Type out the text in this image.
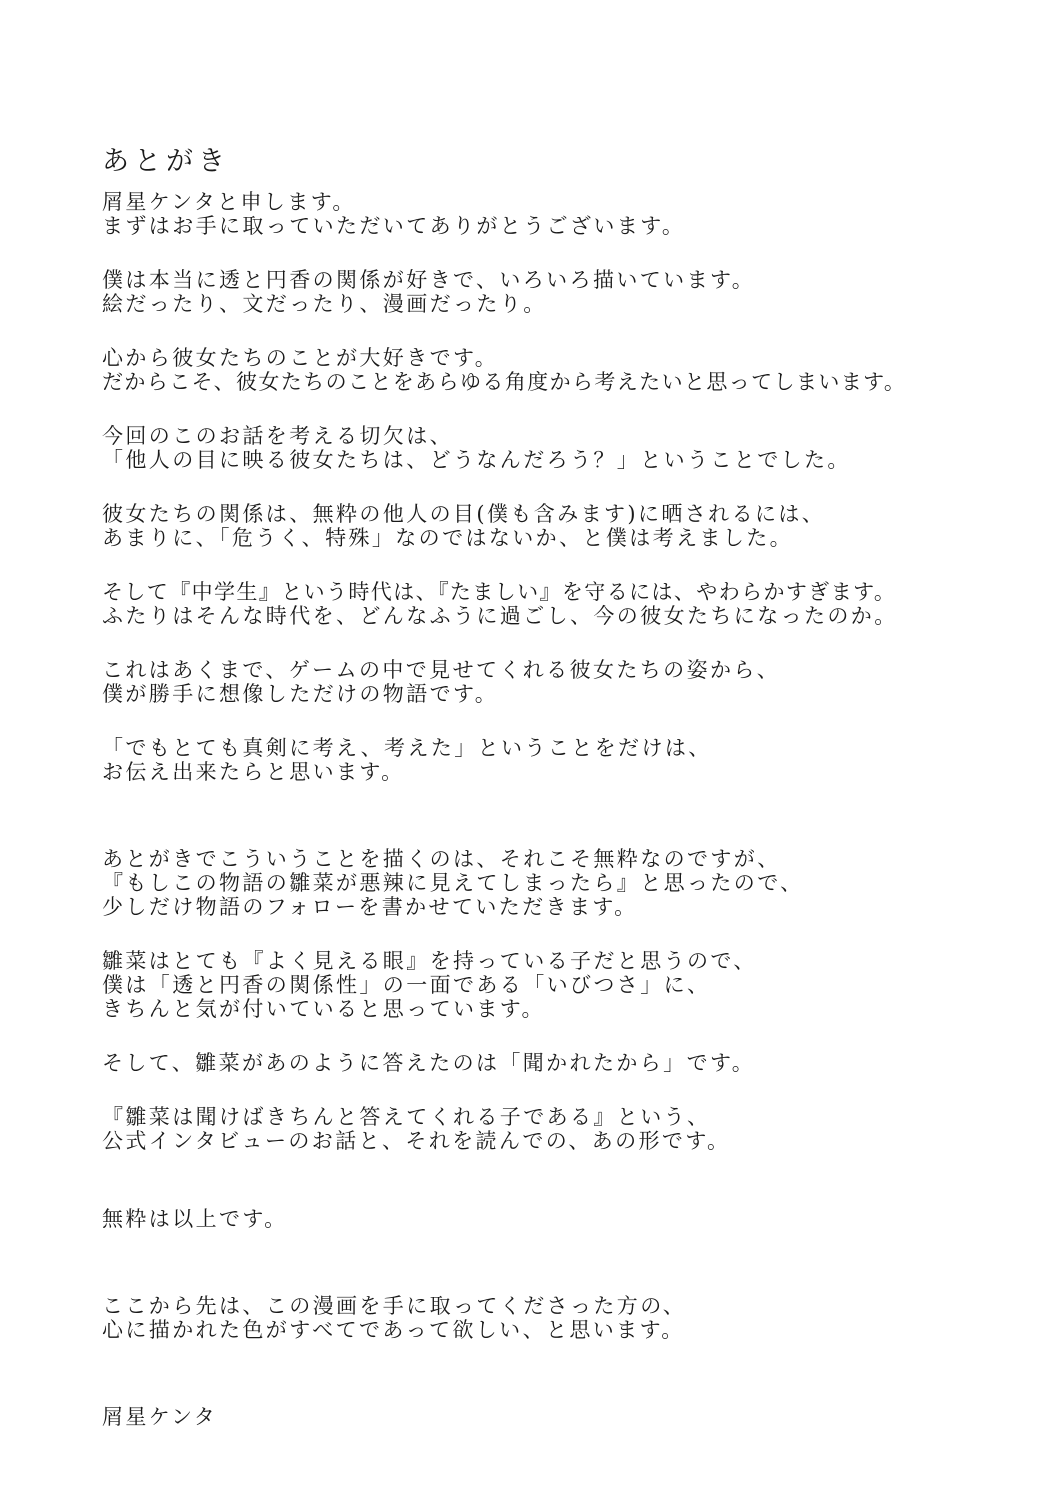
あとがき
屑星ケンタと申します。
まずはお手に取っていただいてありがとうございます。
僕は本当に透と円香の関係が好きで、いろいろ描いています。
絵だったり、文だったり、漫画だったり。
心から彼女たちのことが大好きです。
だからこそ、彼女たちのことをあらゆる角度から考えたいと思ってしまいます。
今回のこのお話を考える切欠は、
「他人の目に映る彼女たちは、どうなんだろう？」ということでした。
彼女たちの関係は、無粋の他人の目(僕も含みます)に晒されるには、
あまりに、「危うく、特殊」なのではないか、と僕は考えました。
そして『中学生』という時代は、『たましい』を守るには、やわらかすぎます。
ふたりはそんな時代を、どんなふうに過ごし、今の彼女たちになったのか。
これはあくまで、ゲームの中で見せてくれる彼女たちの姿から、
僕が勝手に想像しただけの物語です。
「でもとても真剣に考え、考えた」ということをだけは、
お伝え出来たらと思います。
あとがきでこういうことを描くのは、それこそ無粋なのですが、
『もしこの物語の雛菜が悪辣に見えてしまったら』と思ったので、
少しだけ物語のフォローを書かせていただきます。
雛菜はとても『よく見える眼』を持っている子だと思うので、
僕は「透と円香の関係性」の一面である「いびつさ」に、
きちんと気が付いていると思っています。
そして、雛菜があのように答えたのは「聞かれたから」です。
『雛菜は聞けばきちんと答えてくれる子である』という、
公式インタビューのお話と、それを読んでの、あの形です。
無粋は以上です。
ここから先は、この漫画を手に取ってくださった方の、
心に描かれた色がすべてであって欲しい、と思います。
屑星ケンタ
